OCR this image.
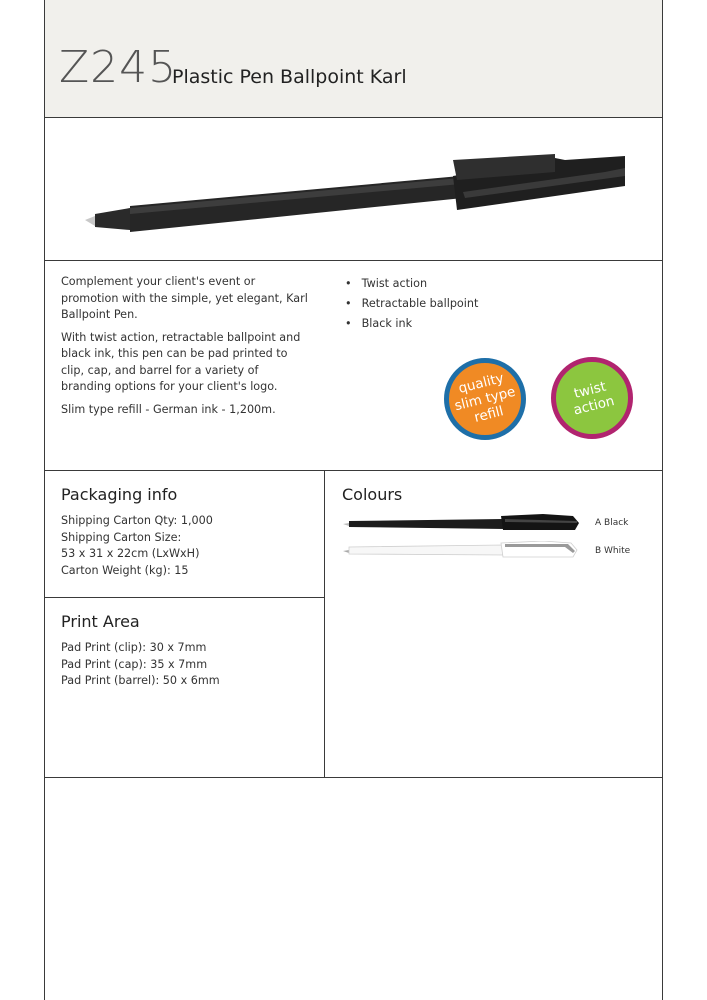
Z245
Plastic Pen Ballpoint Karl

Complement your client's event or promotion with the simple, yet elegant, Karl Ballpoint Pen.

With twist action, retractable ballpoint and black ink, this pen can be pad printed to clip, cap, and barrel for a variety of branding options for your client's logo.

Slim type refill - German ink - 1,200m.

• Twist action
• Retractable ballpoint
• Black ink
quality slim type refill
twist action
Packaging info
Shipping Carton Qty: 1,000
Shipping Carton Size:
53 x 31 x 22cm (LxWxH)
Carton Weight (kg): 15
Print Area
Pad Print (clip): 30 x 7mm
Pad Print (cap): 35 x 7mm
Pad Print (barrel): 50 x 6mm
Colours
A Black
B White
